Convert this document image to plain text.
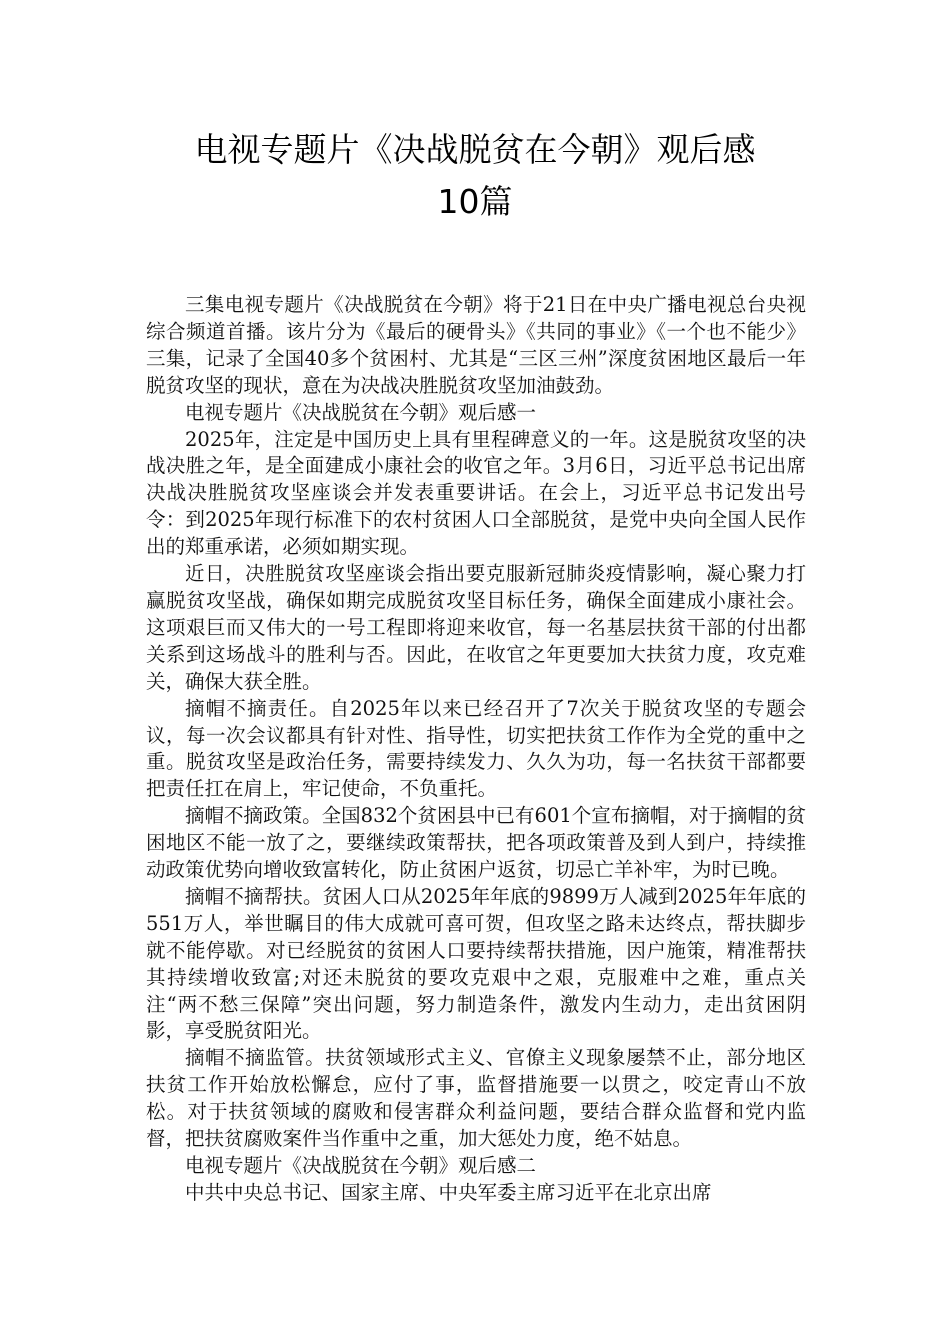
电视专题片《决战脱贫在今朝》观后感
10篇

三集电视专题片《决战脱贫在今朝》将于21日在中央广播电视总台央视综合频道首播。该片分为《最后的硬骨头》《共同的事业》《一个也不能少》三集，记录了全国40多个贫困村、尤其是“三区三州”深度贫困地区最后一年脱贫攻坚的现状，意在为决战决胜脱贫攻坚加油鼓劲。

电视专题片《决战脱贫在今朝》观后感一

2025年，注定是中国历史上具有里程碑意义的一年。这是脱贫攻坚的决战决胜之年，是全面建成小康社会的收官之年。3月6日，习近平总书记出席决战决胜脱贫攻坚座谈会并发表重要讲话。在会上，习近平总书记发出号令：到2025年现行标准下的农村贫困人口全部脱贫，是党中央向全国人民作出的郑重承诺，必须如期实现。

近日，决胜脱贫攻坚座谈会指出要克服新冠肺炎疫情影响，凝心聚力打赢脱贫攻坚战，确保如期完成脱贫攻坚目标任务，确保全面建成小康社会。这项艰巨而又伟大的一号工程即将迎来收官，每一名基层扶贫干部的付出都关系到这场战斗的胜利与否。因此，在收官之年更要加大扶贫力度，攻克难关，确保大获全胜。

摘帽不摘责任。自2025年以来已经召开了7次关于脱贫攻坚的专题会议，每一次会议都具有针对性、指导性，切实把扶贫工作作为全党的重中之重。脱贫攻坚是政治任务，需要持续发力、久久为功，每一名扶贫干部都要把责任扛在肩上，牢记使命，不负重托。

摘帽不摘政策。全国832个贫困县中已有601个宣布摘帽，对于摘帽的贫困地区不能一放了之，要继续政策帮扶，把各项政策普及到人到户，持续推动政策优势向增收致富转化，防止贫困户返贫，切忌亡羊补牢，为时已晚。

摘帽不摘帮扶。贫困人口从2025年年底的9899万人减到2025年年底的551万人，举世瞩目的伟大成就可喜可贺，但攻坚之路未达终点，帮扶脚步就不能停歇。对已经脱贫的贫困人口要持续帮扶措施，因户施策，精准帮扶其持续增收致富;对还未脱贫的要攻克艰中之艰，克服难中之难，重点关注“两不愁三保障”突出问题，努力制造条件，激发内生动力，走出贫困阴影，享受脱贫阳光。

摘帽不摘监管。扶贫领域形式主义、官僚主义现象屡禁不止，部分地区扶贫工作开始放松懈怠，应付了事，监督措施要一以贯之，咬定青山不放松。对于扶贫领域的腐败和侵害群众利益问题，要结合群众监督和党内监督，把扶贫腐败案件当作重中之重，加大惩处力度，绝不姑息。

电视专题片《决战脱贫在今朝》观后感二

中共中央总书记、国家主席、中央军委主席习近平在北京出席
